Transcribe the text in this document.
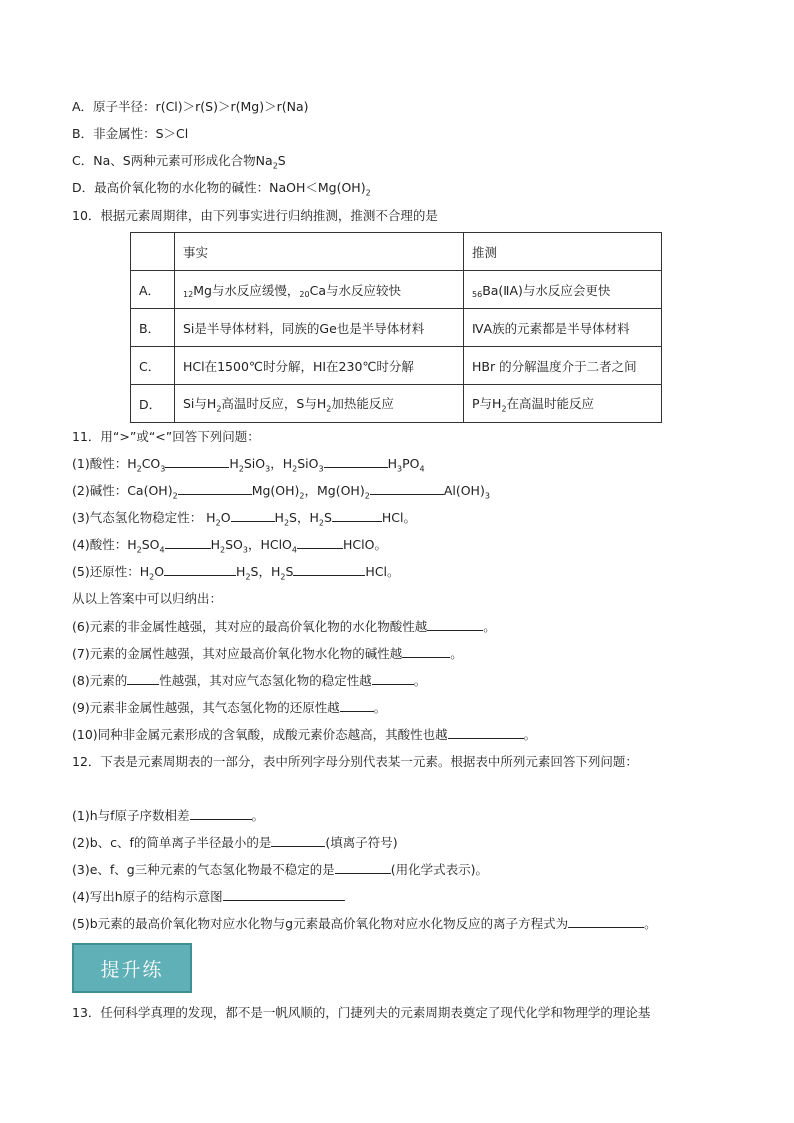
A．原子半径：r(Cl)＞r(S)＞r(Mg)＞r(Na)
B．非金属性：S＞Cl
C．Na、S两种元素可形成化合物$Na_2S$
D．最高价氧化物的水化物的碱性：$NaOH<Mg(OH)_2$
10．根据元素周期律，由下列事实进行归纳推测，推测不合理的是
	事实	推测
A．	12Mg与水反应缓慢，20Ca与水反应较快	56Ba(ⅡA)与水反应会更快
B．	Si是半导体材料，同族的Ge也是半导体材料	ⅣA族的元素都是半导体材料
C．	HCl在1500℃时分解，HI在230℃时分解	HBr 的分解温度介于二者之间
D．	Si与$H_2$高温时反应，S与$H_2$加热能反应	P与$H_2$在高温时能反应
11．用“>”或“<”回答下列问题：
(1)酸性：$H_2CO_3$	$H_2SiO_3$，$H_2SiO_3$	$H_3PO_4$
(2)碱性：$Ca(OH)_2$	$Mg(OH)_2$，$Mg(OH)_2$	$Al(OH)_3$
(3)气态氢化物稳定性： $H_2O$	$H_2S$，$H_2S$	HCl。
(4)酸性：$H_2SO_4$	$H_2SO_3$，HClO$_4$	HClO。
(5)还原性：$H_2O$	$H_2S$，$H_2S$	HCl。
从以上答案中可以归纳出：
(6)元素的非金属性越强，其对应的最高价氧化物的水化物酸性越	。
(7)元素的金属性越强，其对应最高价氧化物水化物的碱性越	。
(8)元素的	性越强，其对应气态氢化物的稳定性越	。
(9)元素非金属性越强，其气态氢化物的还原性越	。
(10)同种非金属元素形成的含氧酸，成酸元素价态越高，其酸性也越	。
12．下表是元素周期表的一部分，表中所列字母分别代表某一元素。根据表中所列元素回答下列问题：
(1)h与f原子序数相差	。
(2)b、c、f的简单离子半径最小的是	(填离子符号)
(3)e、f、g三种元素的气态氢化物最不稳定的是	(用化学式表示)。
(4)写出h原子的结构示意图
(5)b元素的最高价氧化物对应水化物与g元素最高价氧化物对应水化物反应的离子方程式为	。
提升练
13．任何科学真理的发现，都不是一帆风顺的，门捷列夫的元素周期表奠定了现代化学和物理学的理论基
